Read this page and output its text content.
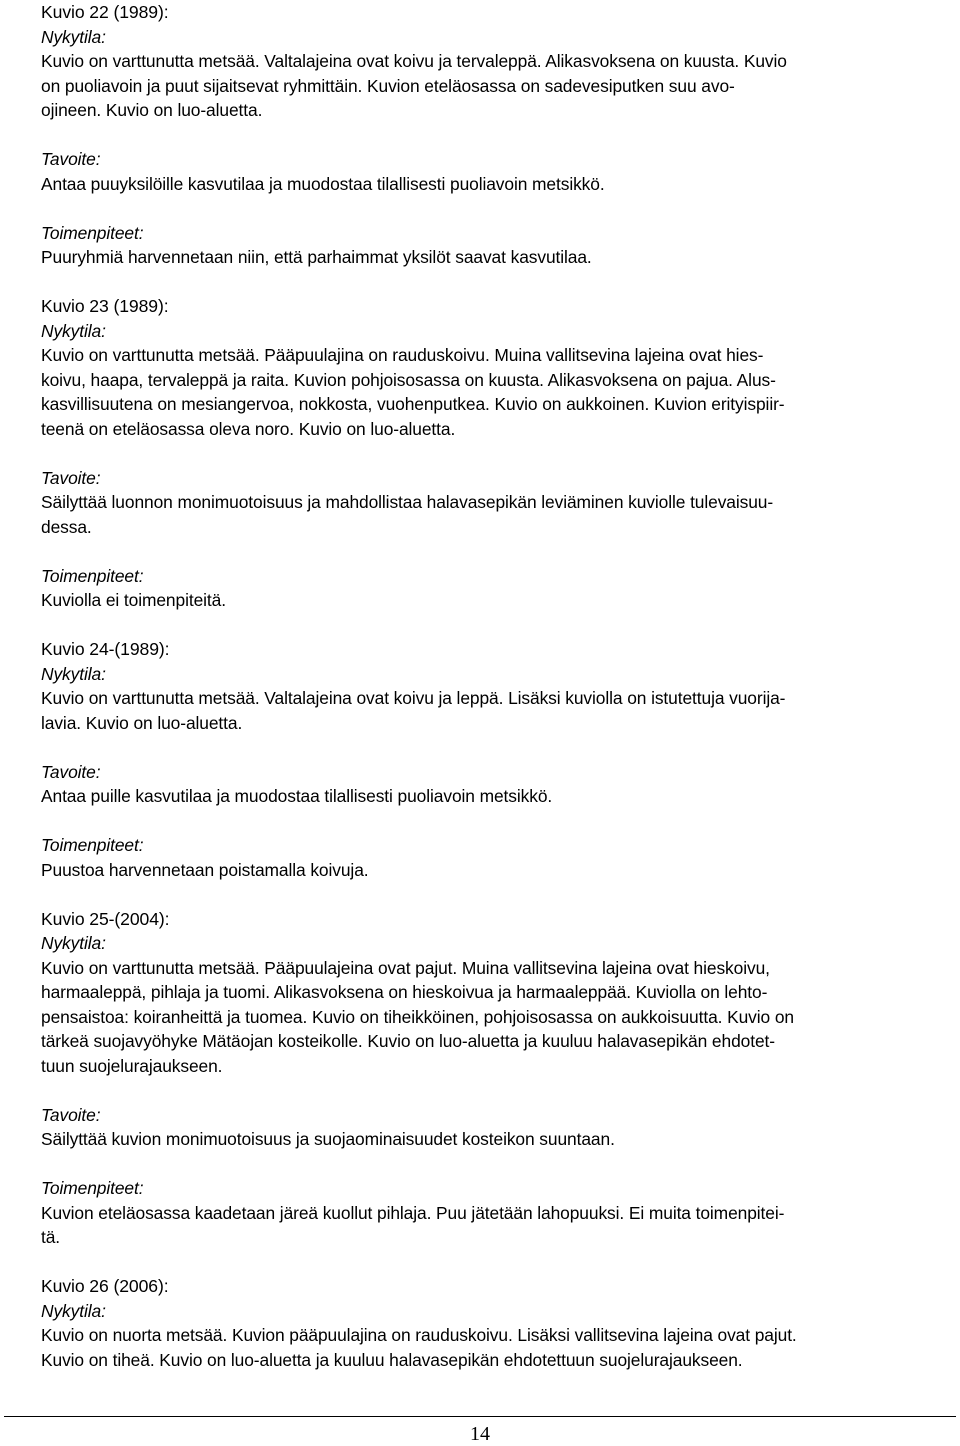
Kuvio 22 (1989):
Nykytila:
Kuvio on varttunutta metsää. Valtalajeina ovat koivu ja tervaleppä. Alikasvoksena on kuusta. Kuvio
on puoliavoin ja puut sijaitsevat ryhmittäin. Kuvion eteläosassa on sadevesiputken suu avo-
ojineen. Kuvio on luo-aluetta.
Tavoite:
Antaa puuyksilöille kasvutilaa ja muodostaa tilallisesti puoliavoin metsikkö.
Toimenpiteet:
Puuryhmiä harvennetaan niin, että parhaimmat yksilöt saavat kasvutilaa.
Kuvio 23 (1989):
Nykytila:
Kuvio on varttunutta metsää. Pääpuulajina on rauduskoivu. Muina vallitsevina lajeina ovat hies-
koivu, haapa, tervaleppä ja raita. Kuvion pohjoisosassa on kuusta. Alikasvoksena on pajua. Alus-
kasvillisuutena on mesiangervoa, nokkosta, vuohenputkea. Kuvio on aukkoinen. Kuvion erityispiir-
teenä on eteläosassa oleva noro. Kuvio on luo-aluetta.
Tavoite:
Säilyttää luonnon monimuotoisuus ja mahdollistaa halavasepikän leviäminen kuviolle tulevaisuu-
dessa.
Toimenpiteet:
Kuviolla ei toimenpiteitä.
Kuvio 24-(1989):
Nykytila:
Kuvio on varttunutta metsää. Valtalajeina ovat koivu ja leppä. Lisäksi kuviolla on istutettuja vuorija-
lavia. Kuvio on luo-aluetta.
Tavoite:
Antaa puille kasvutilaa ja muodostaa tilallisesti puoliavoin metsikkö.
Toimenpiteet:
Puustoa harvennetaan poistamalla koivuja.
Kuvio 25-(2004):
Nykytila:
Kuvio on varttunutta metsää. Pääpuulajeina ovat pajut. Muina vallitsevina lajeina ovat hieskoivu,
harmaaleppä, pihlaja ja tuomi. Alikasvoksena on hieskoivua ja harmaaleppää. Kuviolla on lehto-
pensaistoa: koiranheittä ja tuomea. Kuvio on tiheikköinen, pohjoisosassa on aukkoisuutta. Kuvio on
tärkeä suojavyöhyke Mätäojan kosteikolle. Kuvio on luo-aluetta ja kuuluu halavasepikän ehdotet-
tuun suojelurajaukseen.
Tavoite:
Säilyttää kuvion monimuotoisuus ja suojaominaisuudet kosteikon suuntaan.
Toimenpiteet:
Kuvion eteläosassa kaadetaan järeä kuollut pihlaja. Puu jätetään lahopuuksi. Ei muita toimenpitei-
tä.
Kuvio 26 (2006):
Nykytila:
Kuvio on nuorta metsää. Kuvion pääpuulajina on rauduskoivu. Lisäksi vallitsevina lajeina ovat pajut.
Kuvio on tiheä. Kuvio on luo-aluetta ja kuuluu halavasepikän ehdotettuun suojelurajaukseen.
14
